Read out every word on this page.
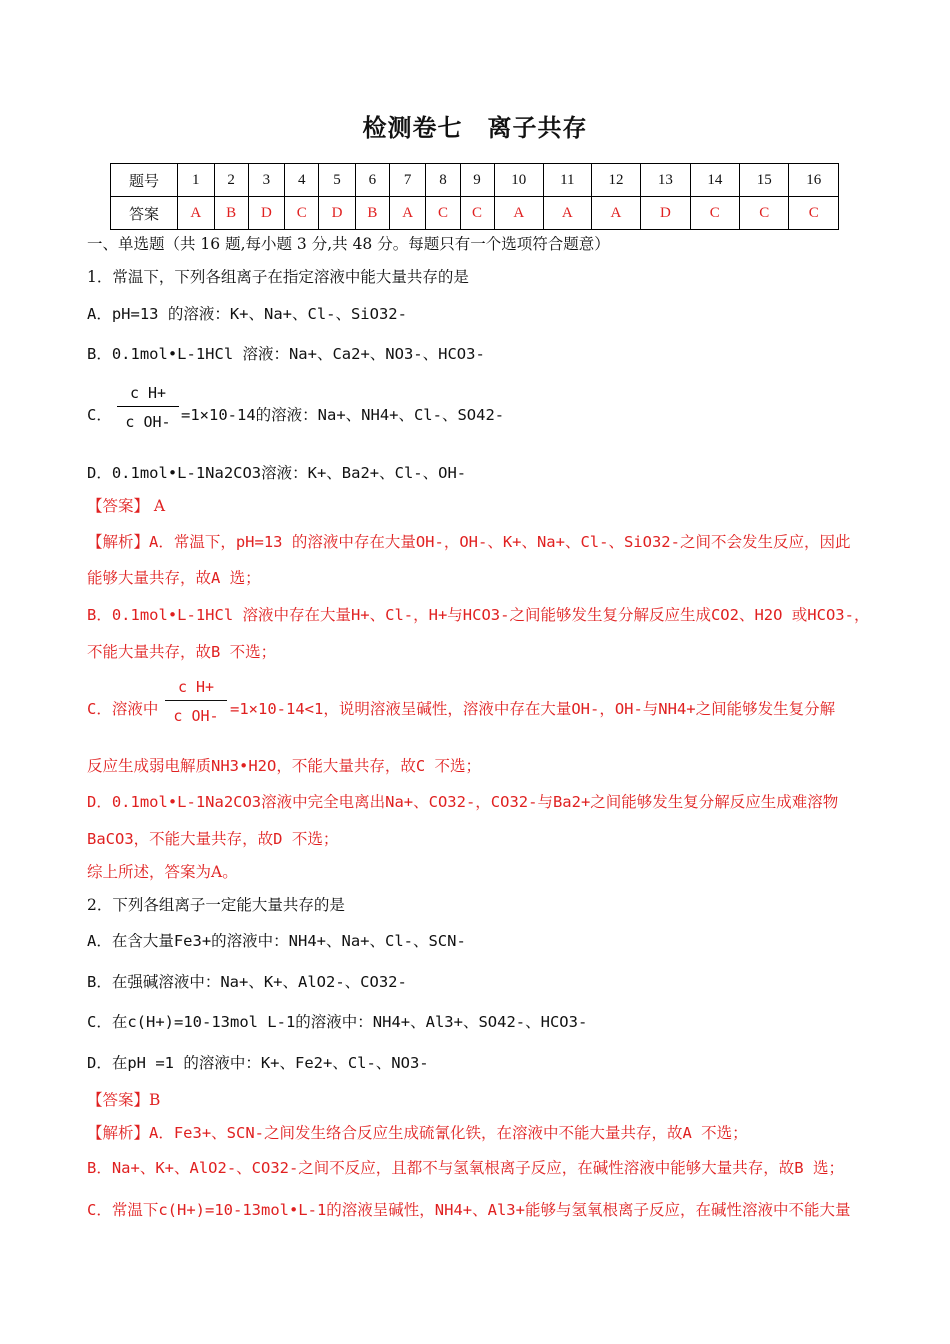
检测卷七　离子共存
题号	1	2	3	4	5	6	7	8	9	10	11	12	13	14	15	16
答案	A	B	D	C	D	B	A	C	C	A	A	A	D	C	C	C
一、单选题（共 16 题,每小题 3 分,共 48 分。每题只有一个选项符合题意）
1．常温下，下列各组离子在指定溶液中能大量共存的是
A．pH=13 的溶液：K+、Na+、Cl-、SiO32-
B．0.1mol•L-1HCl 溶液：Na+、Ca2+、NO3-、HCO3-
C． $\frac{\text{c H+}}{\text{c OH-}} =1\times 10-14$的溶液：Na+、NH4+、Cl-、SO42-
D．0.1mol•L-1Na2CO3溶液：K+、Ba2+、Cl-、OH-
【答案】 A
【解析】A．常温下，pH=13 的溶液中存在大量OH-，OH-、K+、Na+、Cl-、SiO32-之间不会发生反应，因此
能够大量共存，故A 选；
B．0.1mol•L-1HCl 溶液中存在大量H+、Cl-，H+与HCO3-之间能够发生复分解反应生成CO2、H2O 或HCO3-，
不能大量共存，故B 不选；
C．溶液中 $\frac{\text{c H+}}{\text{c OH-}} =1\times 10-14<1$，说明溶液呈碱性，溶液中存在大量OH-，OH-与NH4+之间能够发生复分解
反应生成弱电解质NH3•H2O，不能大量共存，故C 不选；
D．0.1mol•L-1Na2CO3溶液中完全电离出Na+、CO32-，CO32-与Ba2+之间能够发生复分解反应生成难溶物
BaCO3，不能大量共存，故D 不选；
综上所述，答案为A。
2．下列各组离子一定能大量共存的是
A．在含大量Fe3+的溶液中：NH4+、Na+、Cl-、SCN-
B．在强碱溶液中：Na+、K+、AlO2-、CO32-
C．在c(H+)=10-13mol L-1的溶液中：NH4+、Al3+、SO42-、HCO3-
D．在pH =1 的溶液中：K+、Fe2+、Cl-、NO3-
【答案】B
【解析】A．Fe3+、SCN-之间发生络合反应生成硫氰化铁，在溶液中不能大量共存，故A 不选；
B．Na+、K+、AlO2-、CO32-之间不反应，且都不与氢氧根离子反应，在碱性溶液中能够大量共存，故B 选；
C．常温下c(H+)=10-13mol•L-1的溶液呈碱性，NH4+、Al3+能够与氢氧根离子反应，在碱性溶液中不能大量
